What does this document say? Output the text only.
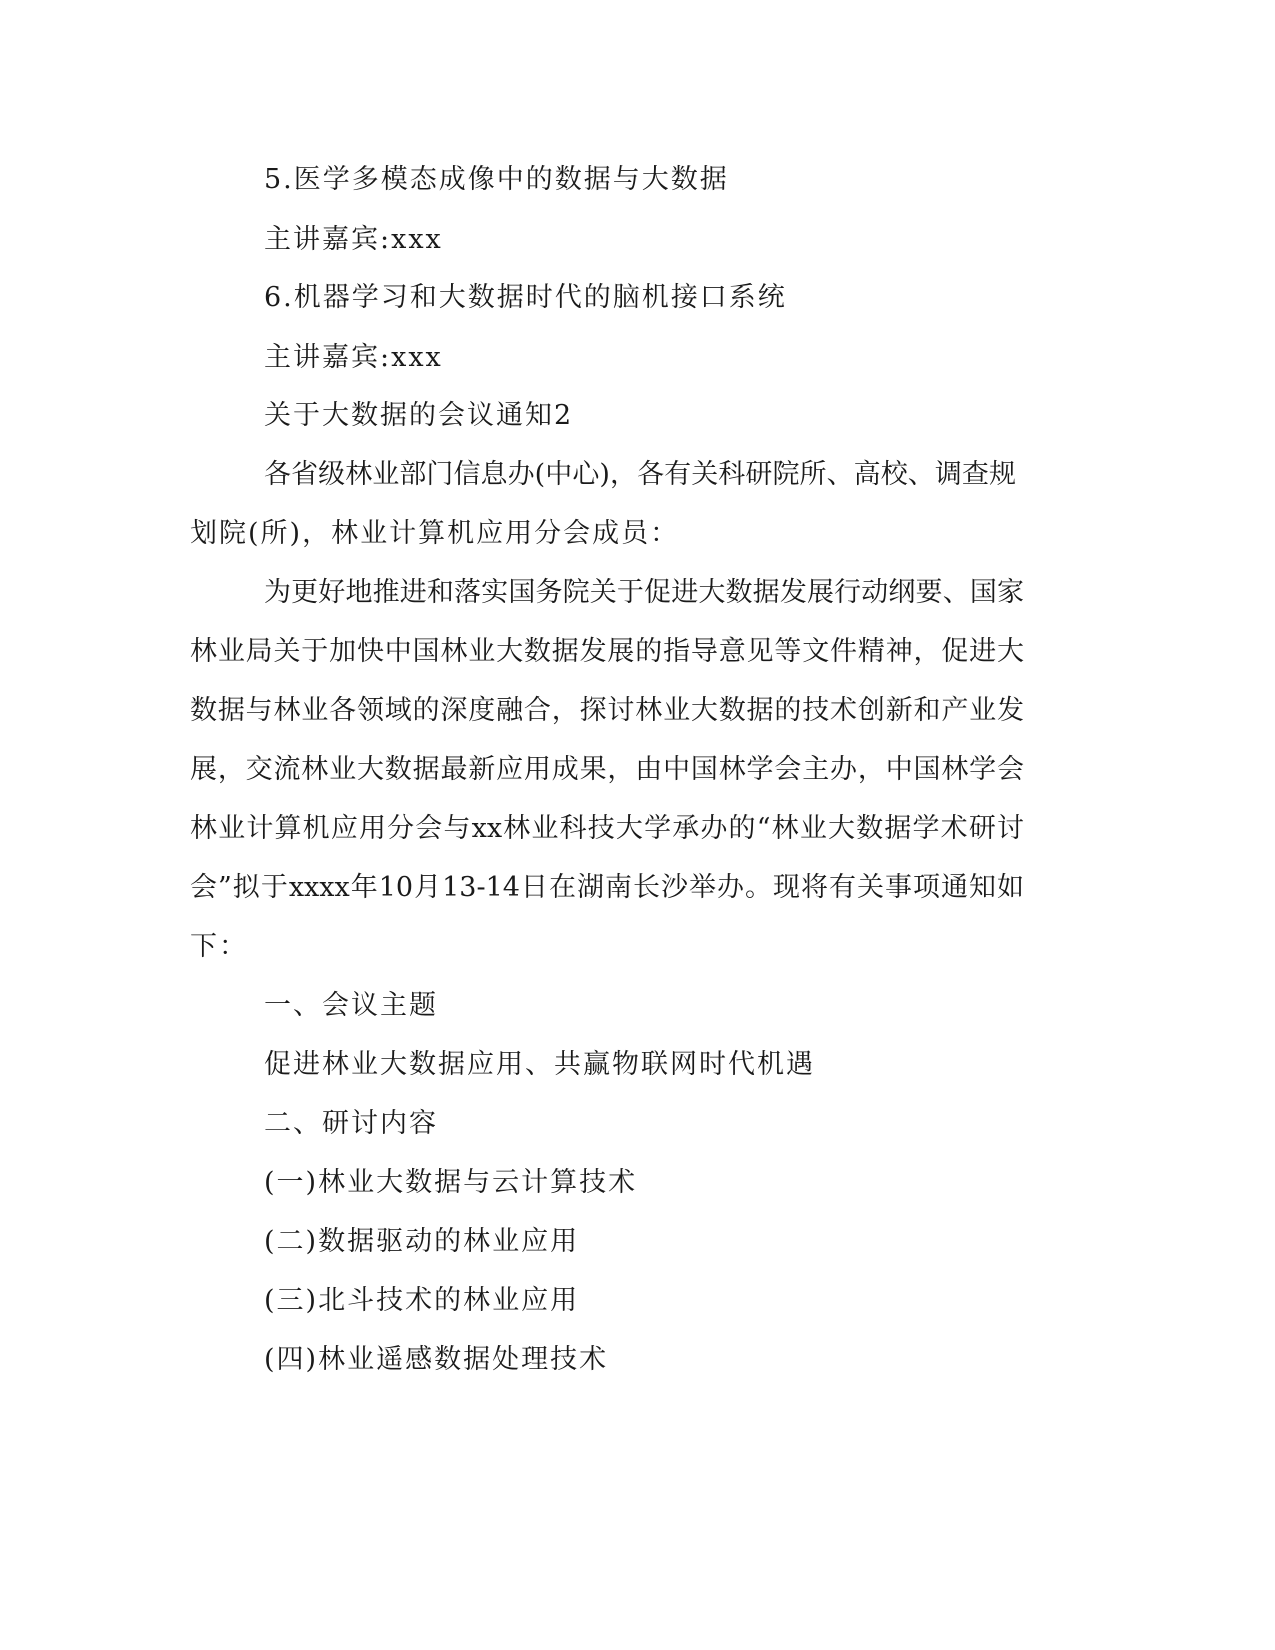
5.医学多模态成像中的数据与大数据
主讲嘉宾:xxx
6.机器学习和大数据时代的脑机接口系统
主讲嘉宾:xxx
关于大数据的会议通知2
各省级林业部门信息办(中心)，各有关科研院所、高校、调查规
划院(所)，林业计算机应用分会成员：
为更好地推进和落实国务院关于促进大数据发展行动纲要、国家
林业局关于加快中国林业大数据发展的指导意见等文件精神，促进大
数据与林业各领域的深度融合，探讨林业大数据的技术创新和产业发
展，交流林业大数据最新应用成果，由中国林学会主办，中国林学会
林业计算机应用分会与xx林业科技大学承办的“林业大数据学术研讨
会”拟于xxxx年10月13-14日在湖南长沙举办。现将有关事项通知如
下：
一、会议主题
促进林业大数据应用、共赢物联网时代机遇
二、研讨内容
(一)林业大数据与云计算技术
(二)数据驱动的林业应用
(三)北斗技术的林业应用
(四)林业遥感数据处理技术
